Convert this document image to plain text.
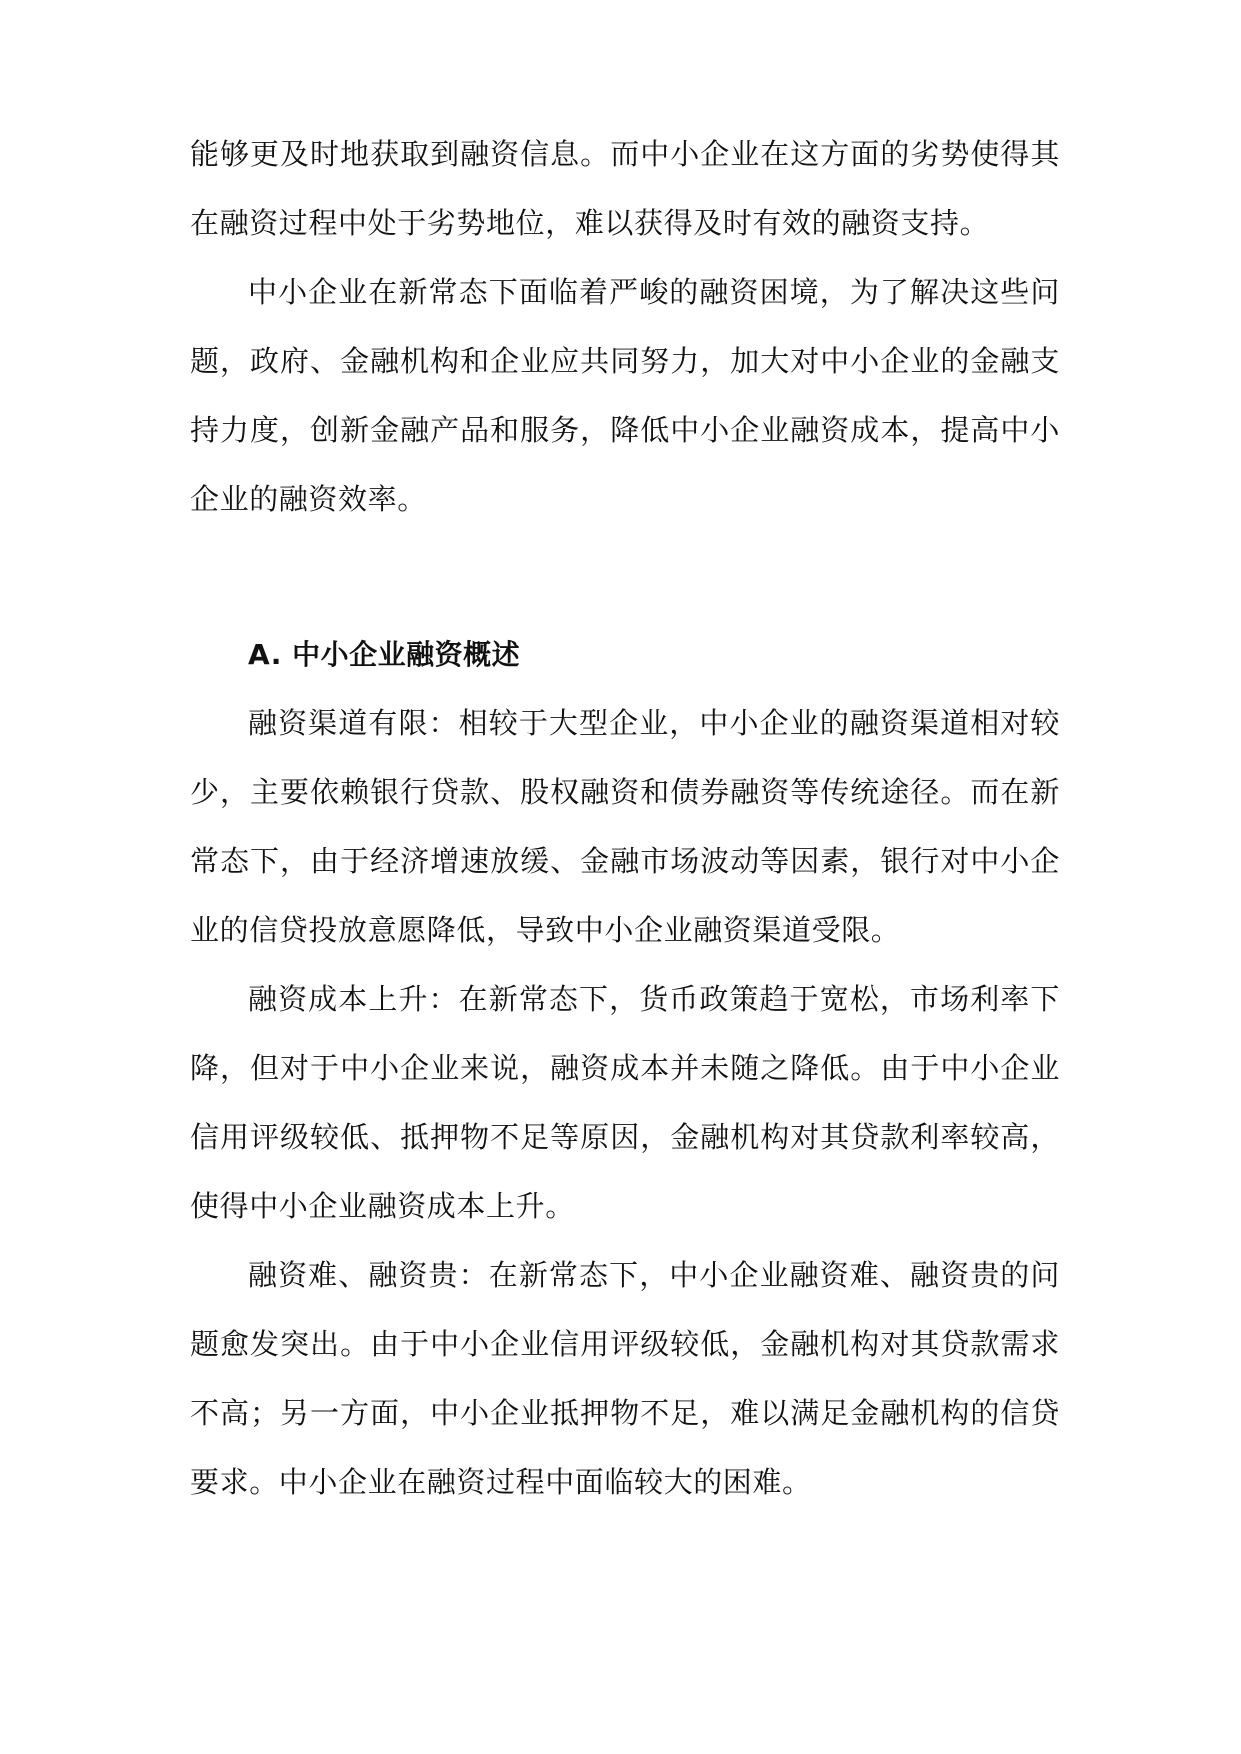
能够更及时地获取到融资信息。而中小企业在这方面的劣势使得其在融资过程中处于劣势地位，难以获得及时有效的融资支持。

中小企业在新常态下面临着严峻的融资困境，为了解决这些问题，政府、金融机构和企业应共同努力，加大对中小企业的金融支持力度，创新金融产品和服务，降低中小企业融资成本，提高中小企业的融资效率。

A. 中小企业融资概述

融资渠道有限：相较于大型企业，中小企业的融资渠道相对较少，主要依赖银行贷款、股权融资和债券融资等传统途径。而在新常态下，由于经济增速放缓、金融市场波动等因素，银行对中小企业的信贷投放意愿降低，导致中小企业融资渠道受限。

融资成本上升：在新常态下，货币政策趋于宽松，市场利率下降，但对于中小企业来说，融资成本并未随之降低。由于中小企业信用评级较低、抵押物不足等原因，金融机构对其贷款利率较高，使得中小企业融资成本上升。

融资难、融资贵：在新常态下，中小企业融资难、融资贵的问题愈发突出。由于中小企业信用评级较低，金融机构对其贷款需求不高；另一方面，中小企业抵押物不足，难以满足金融机构的信贷要求。中小企业在融资过程中面临较大的困难。
